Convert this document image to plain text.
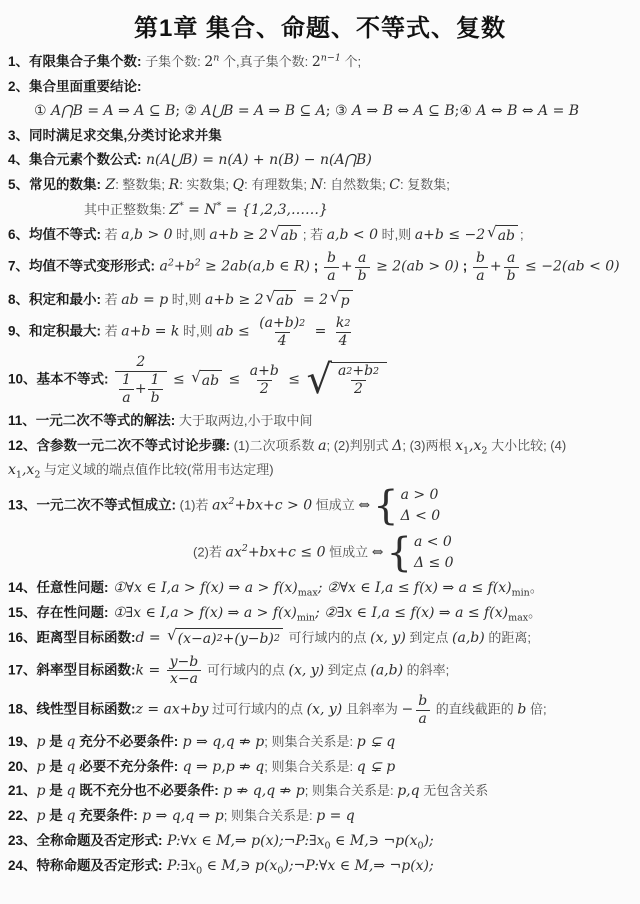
第1章 集合、命题、不等式、复数
1、有限集合子集个数: 子集个数: 2$^n$ 个,真子集个数: $2^{n-1}$ 个;
2、集合里面重要结论:
① A⋂B = A ⇒ A ⊆ B; ② A⋃B = A ⇒ B ⊆ A; ③ A ⇒ B ⇔ A ⊆ B;④ A ⇔ B ⇔ A = B
3、同时满足求交集,分类讨论求并集
4、集合元素个数公式: n(A⋃B) = n(A) + n(B) − n(A⋂B)
5、常见的数集: Z: 整数集; R: 实数集; Q: 有理数集; N: 自然数集; C: 复数集;
其中正整数集: Z* = N* = {1,2,3,……}
6、均值不等式: 若 a,b > 0 时,则 a+b ≥ 2 √ ab ; 若 a,b < 0 时,则 a+b ≤ −2 √ ab ;
7、均值不等式变形形式: $a^2+b^2 \ge 2ab(a,b$ ∈ R) ; $\frac{b}{a} + \frac{a}{b} \ge 2(ab > 0)$ ; $\frac{b}{a} + \frac{a}{b} \le -2(ab < 0)$
8、积定和最小: 若 ab = p 时,则 a+b ≥ 2 √ ab = 2 √ p
9、和定积最大: 若 a+b = k 时,则 ab ≤ $\frac{(a+b) 2}{4} = \frac{k 2}{4}$
10、基本不等式: 2
1
a
+ $\frac{1}{b}$ ≤ √ ab ≤ $\frac{a+b}{2}$ ≤ √ a 2 +b 2
2
11、一元二次不等式的解法: 大于取两边,小于取中间
12、含参数一元二次不等式讨论步骤: (1)二次项系数 a; (2)判别式 Δ; (3)两根 $x_1,x_2$ 大小比较; (4)
$x_1,x_2$ 与定义域的端点值作比较(常用韦达定理)
13、一元二次不等式恒成立: (1)若 $ax^2+bx+c > 0$ 恒成立 ⇔ { a > 0
Δ < 0
(2)若 $ax^2+bx+c \le 0$ 恒成立 ⇔ { a < 0
Δ ≤ 0
14、任意性问题: ①∀x ∈ I,a > f(x) ⇒ $a > f(x)_{max}$; ②∀x ∈ I,a ≤ f(x) ⇒ $a \le f(x)_{min}$。
15、存在性问题: ①∃x ∈ I,a > f(x) ⇒ $a > f(x)_{min}$; ②∃x ∈ I,a ≤ f(x) ⇒ $a \le f(x)_{max}$。
16、距离型目标函数:d = √ (x−a) 2 +(y−b) 2 可行域内的点 (x, y) 到定点 (a,b) 的距离;
17、斜率型目标函数:k = $\frac{y-b}{x-a}$ 可行域内的点 (x, y) 到定点 (a,b) 的斜率;
18、线性型目标函数:z = ax+by 过可行域内的点 (x, y) 且斜率为 − $\frac{b}{a}$ 的直线截距的 b 倍;
19、p 是 q 充分不必要条件: p ⇒ q,q ⇏ p; 则集合关系是: p ⊊ q
20、p 是 q 必要不充分条件: q ⇒ p,p ⇏ q; 则集合关系是: q ⊊ p
21、p 是 q 既不充分也不必要条件: p ⇏ q,q ⇏ p; 则集合关系是: p,q 无包含关系
22、p 是 q 充要条件: p ⇒ q,q ⇒ p; 则集合关系是: p = q
23、全称命题及否定形式: P:∀x ∈ M,⇒ $p(x);\neg P:\exists x_0$ ∈ M,∋ $\neg p(x_0)$;
24、特称命题及否定形式: $P:\exists x_0$ ∈ M,∋ $p(x_0);\neg P:\forall x$ ∈ M,⇒ ¬p(x);
